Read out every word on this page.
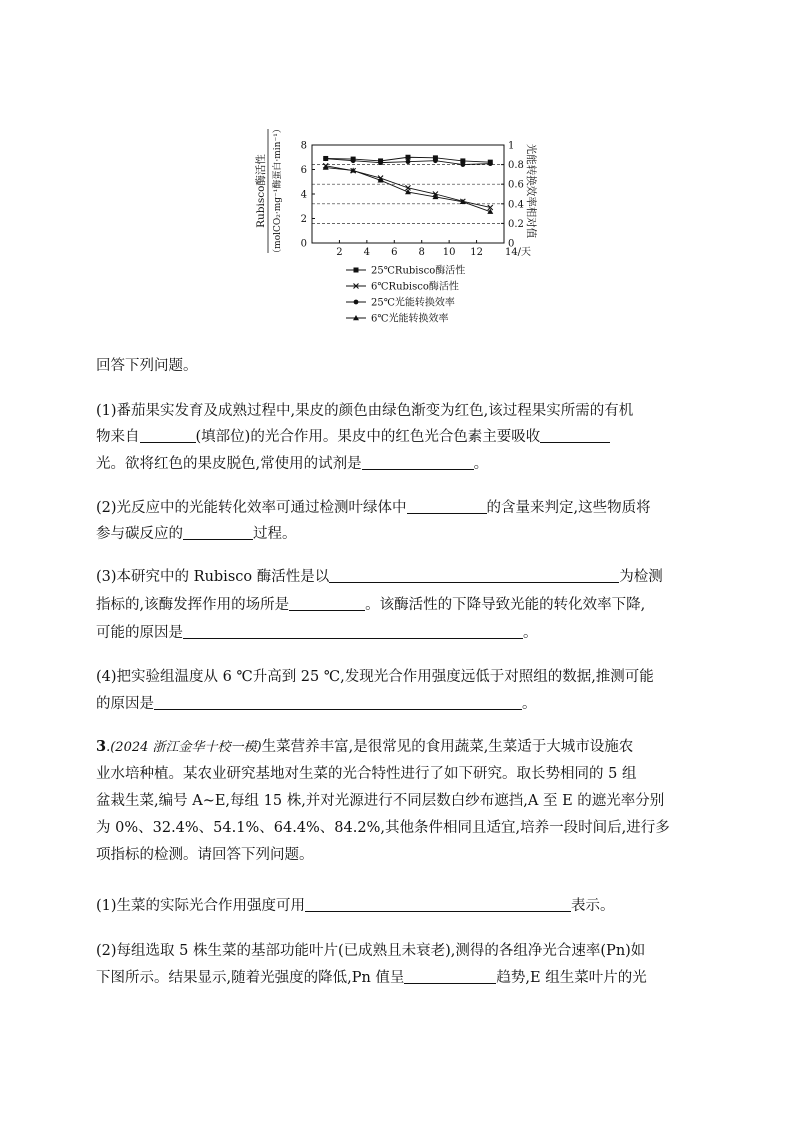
0
2
4
6
8
0
0.2
0.4
0.6
0.8
1
2 4 6 8 10 12 14/天
Rubisco酶活性 （molCO₂·mg⁻¹酶蛋白·min⁻¹）	光能转换效率相对值
25℃Rubisco酶活性
6℃Rubisco酶活性
25℃光能转换效率
6℃光能转换效率
回答下列问题。
(1)番茄果实发育及成熟过程中,果皮的颜色由绿色渐变为红色,该过程果实所需的有机
物来自	(填部位)的光合作用。果皮中的红色光合色素主要吸收
光。欲将红色的果皮脱色,常使用的试剂是	。
(2)光反应中的光能转化效率可通过检测叶绿体中	的含量来判定,这些物质将
参与碳反应的	过程。
(3)本研究中的 Rubisco 酶活性是以	为检测
指标的,该酶发挥作用的场所是	。该酶活性的下降导致光能的转化效率下降,
可能的原因是	。
(4)把实验组温度从 6 ℃升高到 25 ℃,发现光合作用强度远低于对照组的数据,推测可能
的原因是	。
3.(2024 浙江金华十校一模)生菜营养丰富,是很常见的食用蔬菜,生菜适于大城市设施农
业水培种植。某农业研究基地对生菜的光合特性进行了如下研究。取长势相同的 5 组
盆栽生菜,编号 A~E,每组 15 株,并对光源进行不同层数白纱布遮挡,A 至 E 的遮光率分别
为 0%、32.4%、54.1%、64.4%、84.2%,其他条件相同且适宜,培养一段时间后,进行多
项指标的检测。请回答下列问题。
(1)生菜的实际光合作用强度可用	表示。
(2)每组选取 5 株生菜的基部功能叶片(已成熟且未衰老),测得的各组净光合速率(Pn)如
下图所示。结果显示,随着光强度的降低,Pn 值呈	趋势,E 组生菜叶片的光
